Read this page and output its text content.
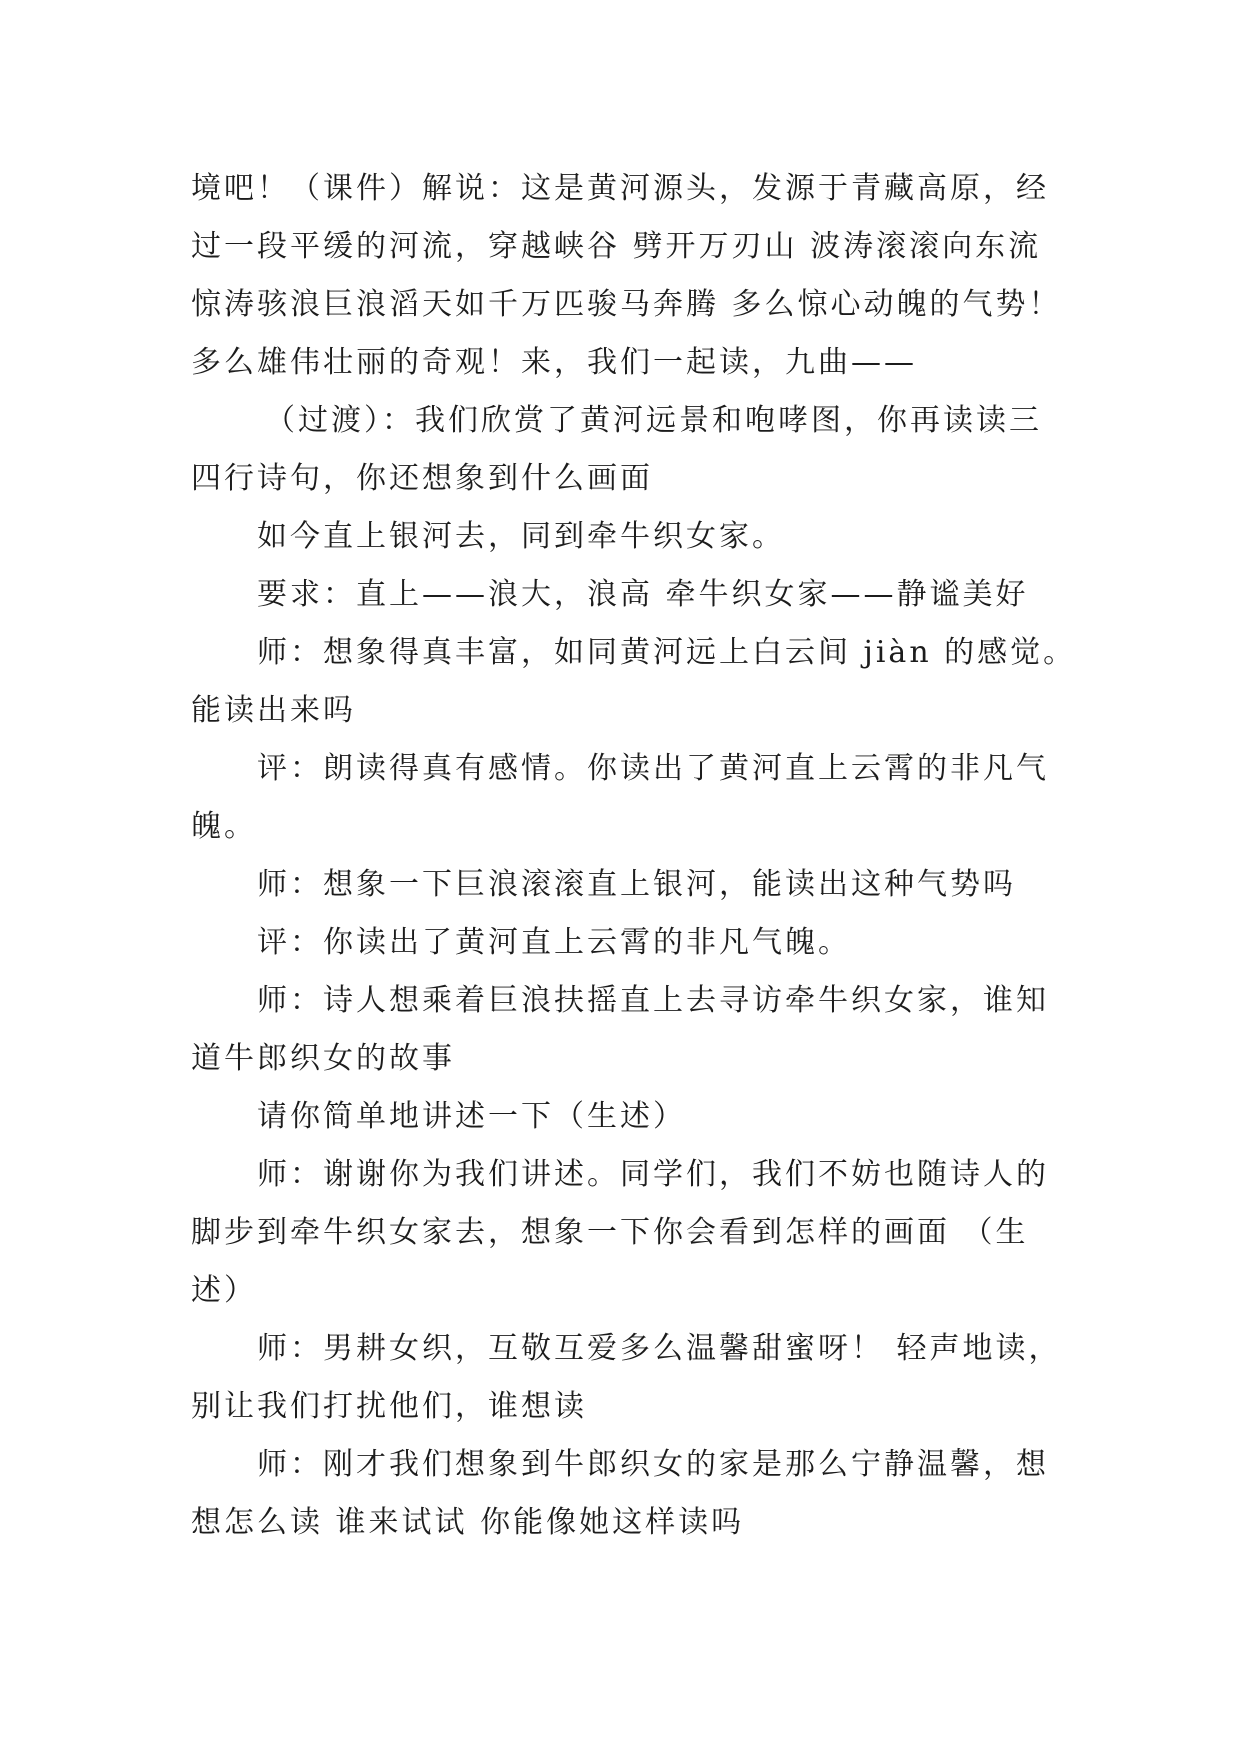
境吧！（课件）解说：这是黄河源头，发源于青藏高原，经
过一段平缓的河流，穿越峡谷 劈开万刃山 波涛滚滚向东流
惊涛骇浪巨浪滔天如千万匹骏马奔腾 多么惊心动魄的气势！
多么雄伟壮丽的奇观！来，我们一起读，九曲——
（过渡）：我们欣赏了黄河远景和咆哮图，你再读读三
四行诗句，你还想象到什么画面
如今直上银河去，同到牵牛织女家。
要求：直上——浪大，浪高 牵牛织女家——静谧美好
师：想象得真丰富，如同黄河远上白云间 jiàn 的感觉。
能读出来吗
评：朗读得真有感情。你读出了黄河直上云霄的非凡气
魄。
师：想象一下巨浪滚滚直上银河，能读出这种气势吗
评：你读出了黄河直上云霄的非凡气魄。
师：诗人想乘着巨浪扶摇直上去寻访牵牛织女家，谁知
道牛郎织女的故事
请你简单地讲述一下（生述）
师：谢谢你为我们讲述。同学们，我们不妨也随诗人的
脚步到牵牛织女家去，想象一下你会看到怎样的画面 （生
述）
师：男耕女织，互敬互爱多么温馨甜蜜呀！ 轻声地读，
别让我们打扰他们，谁想读
师：刚才我们想象到牛郎织女的家是那么宁静温馨，想
想怎么读 谁来试试 你能像她这样读吗
